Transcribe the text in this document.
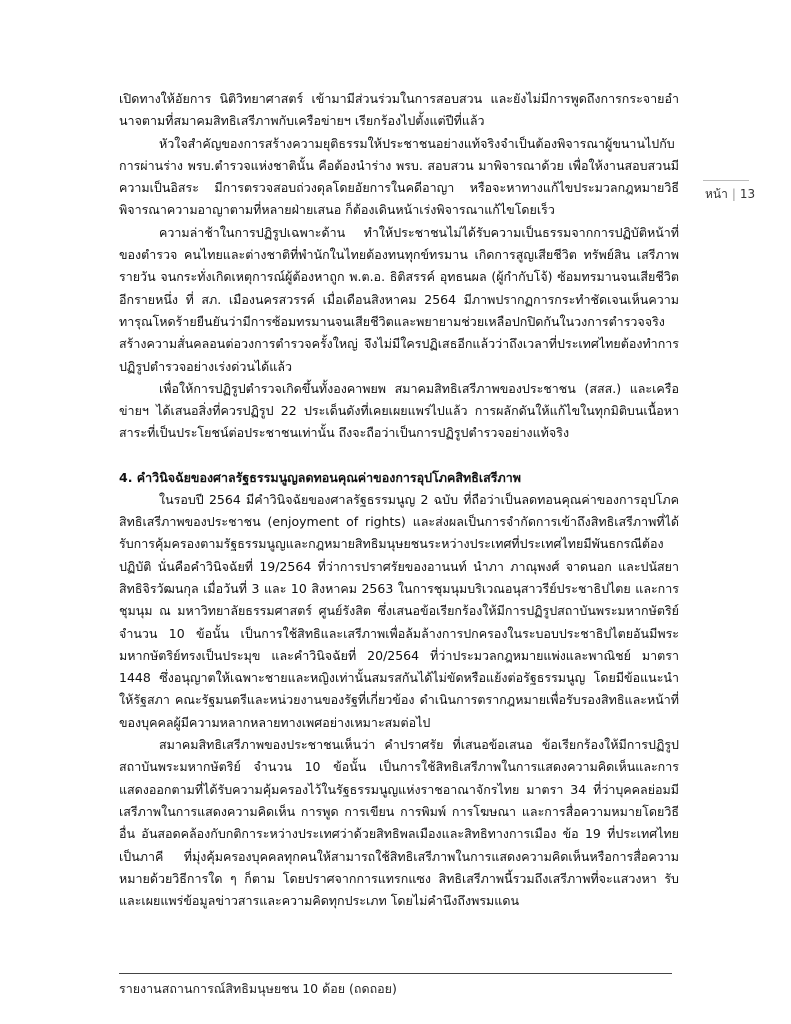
หน้า | 13

เปิดทางให้อัยการ นิติวิทยาศาสตร์ เข้ามามีส่วนร่วมในการสอบสวน และยังไม่มีการพูดถึงการกระจายอำนาจตามที่สมาคมสิทธิเสรีภาพกับเครือข่ายฯ เรียกร้องไปตั้งแต่ปีที่แล้ว

หัวใจสำคัญของการสร้างความยุติธรรมให้ประชาชนอย่างแท้จริงจำเป็นต้องพิจารณาผู้ขนานไปกับการผ่านร่าง พรบ.ตำรวจแห่งชาตินั้น คือต้องนำร่าง พรบ. สอบสวน มาพิจารณาด้วย เพื่อให้งานสอบสวนมีความเป็นอิสระ มีการตรวจสอบถ่วงดุลโดยอัยการในคดีอาญา หรือจะหาทางแก้ไขประมวลกฎหมายวิธีพิจารณาความอาญาตามที่หลายฝ่ายเสนอ ก็ต้องเดินหน้าเร่งพิจารณาแก้ไขโดยเร็ว

ความล่าช้าในการปฏิรูปเฉพาะด้าน ทำให้ประชาชนไม่ได้รับความเป็นธรรมจากการปฏิบัติหน้าที่ของตำรวจ คนไทยและต่างชาติที่พำนักในไทยต้องทนทุกข์ทรมาน เกิดการสูญเสียชีวิต ทรัพย์สิน เสรีภาพรายวัน จนกระทั่งเกิดเหตุการณ์ผู้ต้องหาถูก พ.ต.อ. ธิติสรรค์ อุทธนผล (ผู้กำกับโจ้) ซ้อมทรมานจนเสียชีวิตอีกรายหนึ่ง ที่ สภ. เมืองนครสวรรค์ เมื่อเดือนสิงหาคม 2564 มีภาพปรากฏการกระทำชัดเจนเห็นความทารุณโหดร้ายยืนยันว่ามีการซ้อมทรมานจนเสียชีวิตและพยายามช่วยเหลือปกปิดกันในวงการตำรวจจริง สร้างความสั่นคลอนต่อวงการตำรวจครั้งใหญ่ จึงไม่มีใครปฏิเสธอีกแล้วว่าถึงเวลาที่ประเทศไทยต้องทำการปฏิรูปตำรวจอย่างเร่งด่วนได้แล้ว

เพื่อให้การปฏิรูปตำรวจเกิดขึ้นทั้งองคาพยพ สมาคมสิทธิเสรีภาพของประชาชน (สสส.) และเครือข่ายฯ ได้เสนอสิ่งที่ควรปฏิรูป 22 ประเด็นดังที่เคยเผยแพร่ไปแล้ว การผลักดันให้แก้ไขในทุกมิติบนเนื้อหาสาระที่เป็นประโยชน์ต่อประชาชนเท่านั้น ถึงจะถือว่าเป็นการปฏิรูปตำรวจอย่างแท้จริง

4. คำวินิจฉัยของศาลรัฐธรรมนูญลดทอนคุณค่าของการอุปโภคสิทธิเสรีภาพ

ในรอบปี 2564 มีคำวินิจฉัยของศาลรัฐธรรมนูญ 2 ฉบับ ที่ถือว่าเป็นลดทอนคุณค่าของการอุปโภคสิทธิเสรีภาพของประชาชน (enjoyment of rights) และส่งผลเป็นการจำกัดการเข้าถึงสิทธิเสรีภาพที่ได้รับการคุ้มครองตามรัฐธรรมนูญและกฎหมายสิทธิมนุษยชนระหว่างประเทศที่ประเทศไทยมีพันธกรณีต้องปฏิบัติ นั่นคือคำวินิจฉัยที่ 19/2564 ที่ว่าการปราศรัยของอานนท์ นำภา ภาณุพงศ์ จาดนอก และปนัสยา สิทธิจิรวัฒนกุล เมื่อวันที่ 3 และ 10 สิงหาคม 2563 ในการชุมนุมบริเวณอนุสาวรีย์ประชาธิปไตย และการชุมนุม ณ มหาวิทยาลัยธรรมศาสตร์ ศูนย์รังสิต ซึ่งเสนอข้อเรียกร้องให้มีการปฏิรูปสถาบันพระมหากษัตริย์ จำนวน 10 ข้อนั้น เป็นการใช้สิทธิและเสรีภาพเพื่อล้มล้างการปกครองในระบอบประชาธิปไตยอันมีพระมหากษัตริย์ทรงเป็นประมุข และคำวินิจฉัยที่ 20/2564 ที่ว่าประมวลกฎหมายแพ่งและพาณิชย์ มาตรา 1448 ซึ่งอนุญาตให้เฉพาะชายและหญิงเท่านั้นสมรสกันได้ไม่ขัดหรือแย้งต่อรัฐธรรมนูญ โดยมีข้อแนะนำให้รัฐสภา คณะรัฐมนตรีและหน่วยงานของรัฐที่เกี่ยวข้อง ดำเนินการตรากฎหมายเพื่อรับรองสิทธิและหน้าที่ของบุคคลผู้มีความหลากหลายทางเพศอย่างเหมาะสมต่อไป

สมาคมสิทธิเสรีภาพของประชาชนเห็นว่า คำปราศรัย ที่เสนอข้อเสนอ ข้อเรียกร้องให้มีการปฏิรูปสถาบันพระมหากษัตริย์ จำนวน 10 ข้อนั้น เป็นการใช้สิทธิเสรีภาพในการแสดงความคิดเห็นและการแสดงออกตามที่ได้รับความคุ้มครองไว้ในรัฐธรรมนูญแห่งราชอาณาจักรไทย มาตรา 34 ที่ว่าบุคคลย่อมมีเสรีภาพในการแสดงความคิดเห็น การพูด การเขียน การพิมพ์ การโฆษณา และการสื่อความหมายโดยวิธีอื่น อันสอดคล้องกับกติการะหว่างประเทศว่าด้วยสิทธิพลเมืองและสิทธิทางการเมือง ข้อ 19 ที่ประเทศไทยเป็นภาคี ที่มุ่งคุ้มครองบุคคลทุกคนให้สามารถใช้สิทธิเสรีภาพในการแสดงความคิดเห็นหรือการสื่อความหมายด้วยวิธีการใด ๆ ก็ตาม โดยปราศจากการแทรกแซง สิทธิเสรีภาพนี้รวมถึงเสรีภาพที่จะแสวงหา รับและเผยแพร่ข้อมูลข่าวสารและความคิดทุกประเภท โดยไม่คำนึงถึงพรมแดน

รายงานสถานการณ์สิทธิมนุษยชน 10 ด้อย (ถดถอย)
